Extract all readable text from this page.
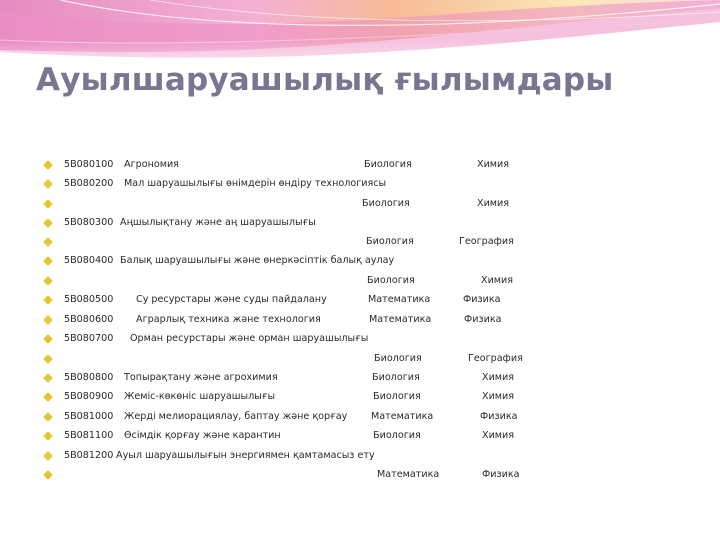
Ауылшаруашылық ғылымдары
5В080100 Агрономия	Биология	Химия
5В080200 Мал шаруашылығы өнімдерін өндіру технологиясы
Биология	Химия
5В080300 Аңшылықтану және аң шаруашылығы
Биология	География
5В080400 Балық шаруашылығы және өнеркәсіптік балық аулау
Биология	Химия
5В080500 Су ресурстары және суды пайдалану	Математика	Физика
5В080600 Аграрлық техника және технология	Математика	Физика
5В080700 Орман ресурстары және орман шаруашылығы
Биология	География
5В080800 Топырақтану және агрохимия	Биология	Химия
5В080900 Жеміс-көкөніс шаруашылығы	Биология	Химия
5В081000 Жерді мелиорациялау, баптау және қорғау Математика	Физика
5В081100 Өсімдік қорғау және карантин	Биология	Химия
5В081200 Ауыл шаруашылығын энергиямен қамтамасыз ету
Математика	Физика
